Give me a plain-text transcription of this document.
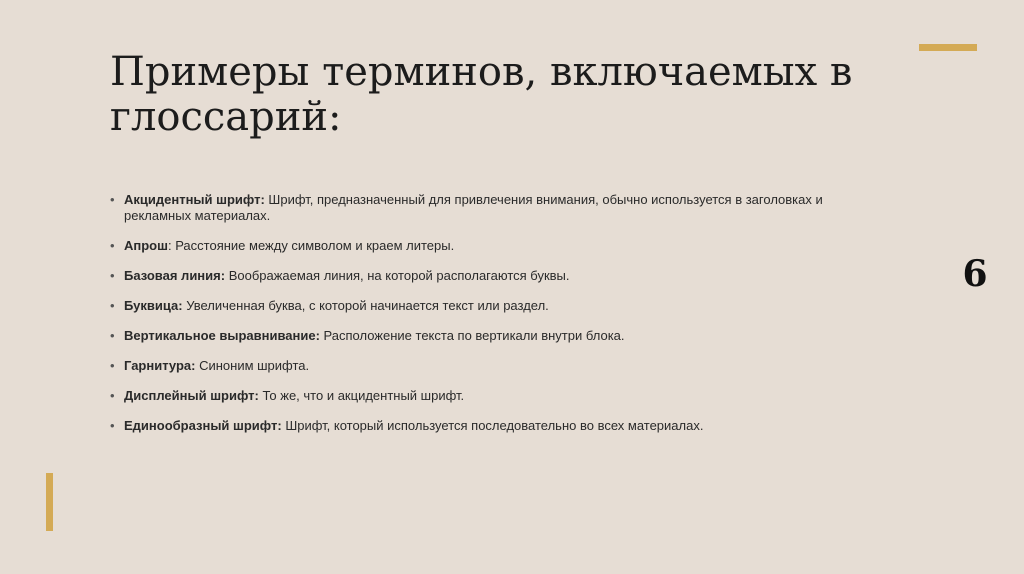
Примеры терминов, включаемых в глоссарий:
6
• Акцидентный шрифт: Шрифт, предназначенный для привлечения внимания, обычно используется в заголовках и рекламных материалах.
• Апрош: Расстояние между символом и краем литеры.
• Базовая линия: Воображаемая линия, на которой располагаются буквы.
• Буквица: Увеличенная буква, с которой начинается текст или раздел.
• Вертикальное выравнивание: Расположение текста по вертикали внутри блока.
• Гарнитура: Синоним шрифта.
• Дисплейный шрифт: То же, что и акцидентный шрифт.
• Единообразный шрифт: Шрифт, который используется последовательно во всех материалах.
